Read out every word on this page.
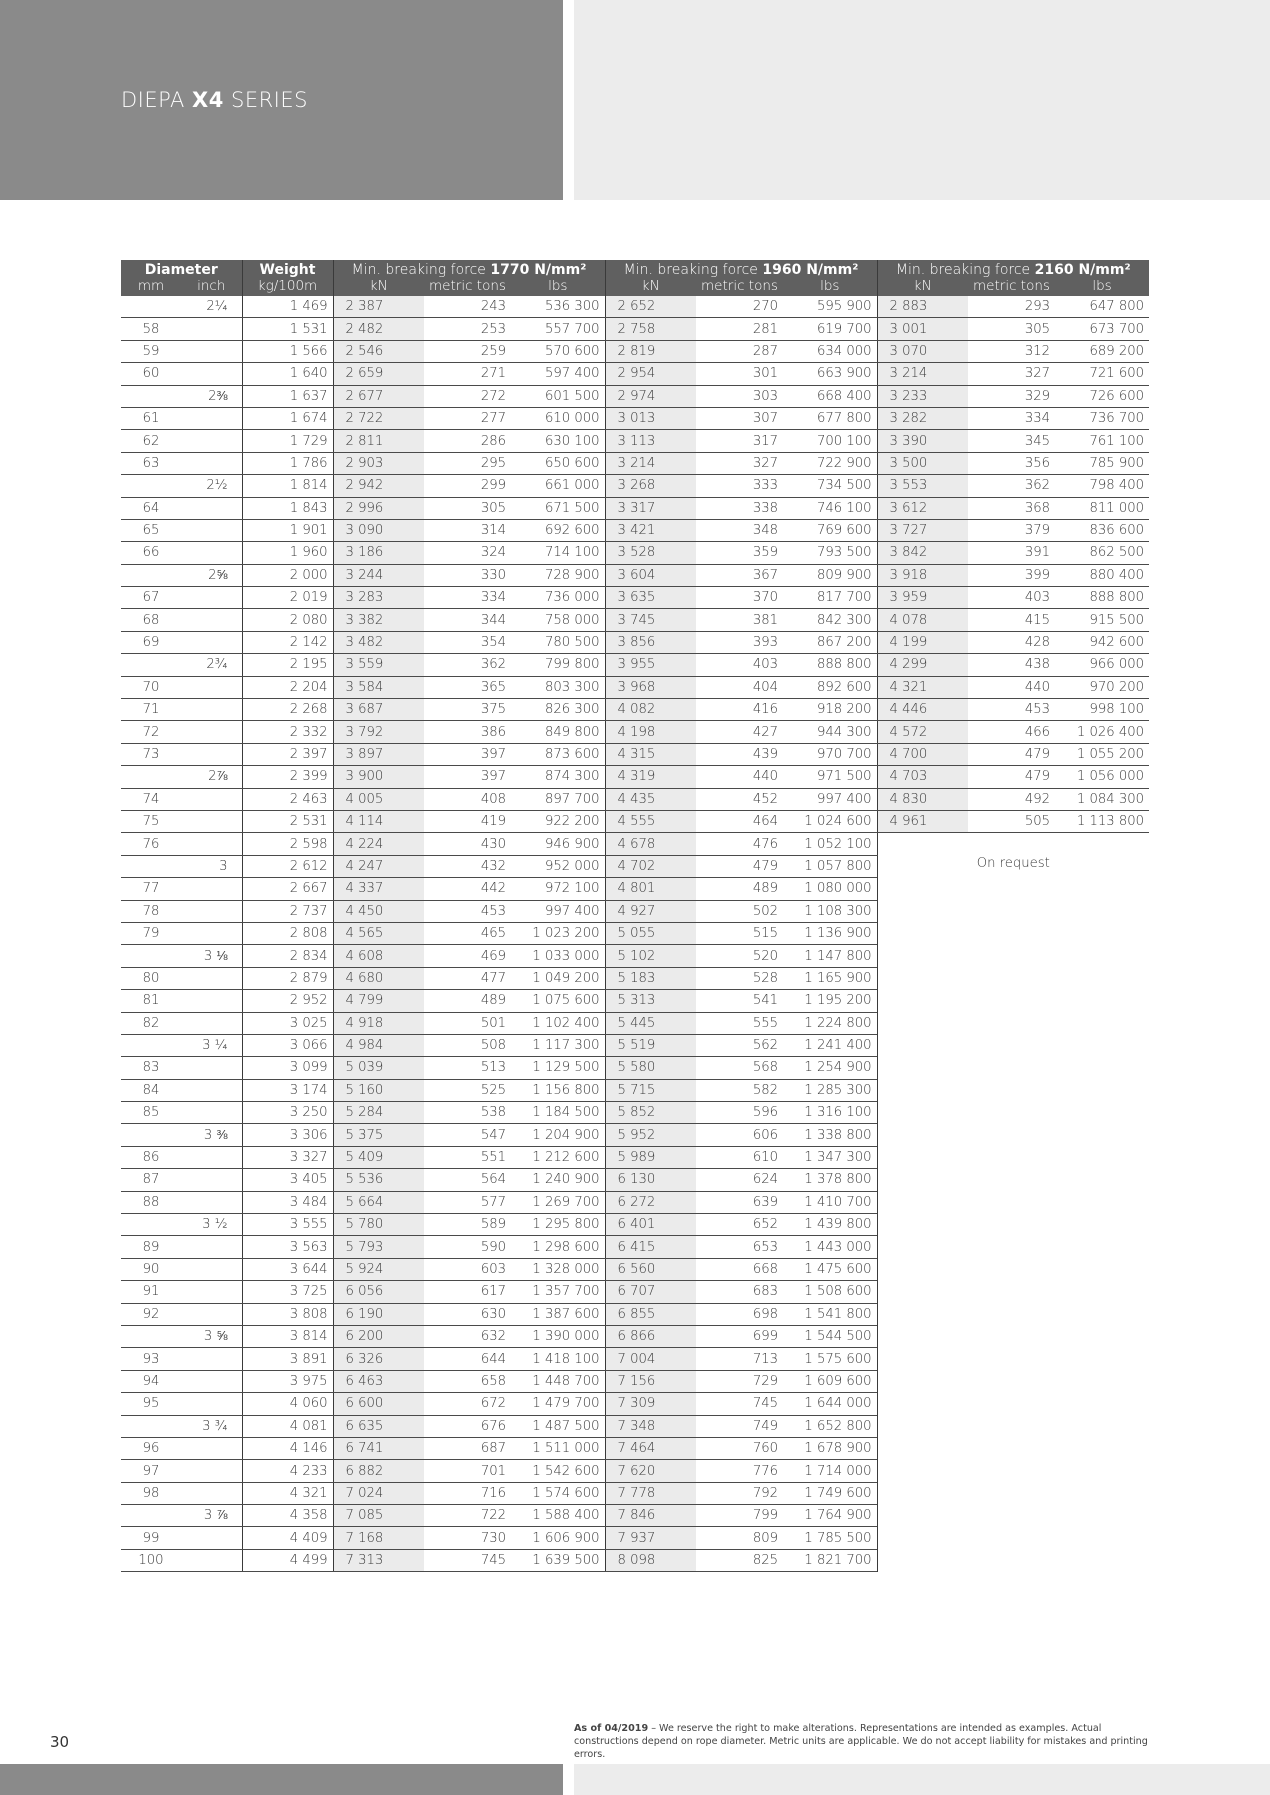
DIEPA X4 SERIES
Diameter		Weight	Min. breaking force 1770 N/mm²			Min. breaking force 1960 N/mm²			Min. breaking force 2160 N/mm²		
mm	inch	kg/100m	kN	metric tons	lbs	kN	metric tons	lbs	kN	metric tons	lbs
	2¼	1 469	2 387	243	536 300	2 652	270	595 900	2 883	293	647 800
58		1 531	2 482	253	557 700	2 758	281	619 700	3 001	305	673 700
59		1 566	2 546	259	570 600	2 819	287	634 000	3 070	312	689 200
60		1 640	2 659	271	597 400	2 954	301	663 900	3 214	327	721 600
	2⅜	1 637	2 677	272	601 500	2 974	303	668 400	3 233	329	726 600
61		1 674	2 722	277	610 000	3 013	307	677 800	3 282	334	736 700
62		1 729	2 811	286	630 100	3 113	317	700 100	3 390	345	761 100
63		1 786	2 903	295	650 600	3 214	327	722 900	3 500	356	785 900
	2½	1 814	2 942	299	661 000	3 268	333	734 500	3 553	362	798 400
64		1 843	2 996	305	671 500	3 317	338	746 100	3 612	368	811 000
65		1 901	3 090	314	692 600	3 421	348	769 600	3 727	379	836 600
66		1 960	3 186	324	714 100	3 528	359	793 500	3 842	391	862 500
	2⅝	2 000	3 244	330	728 900	3 604	367	809 900	3 918	399	880 400
67		2 019	3 283	334	736 000	3 635	370	817 700	3 959	403	888 800
68		2 080	3 382	344	758 000	3 745	381	842 300	4 078	415	915 500
69		2 142	3 482	354	780 500	3 856	393	867 200	4 199	428	942 600
	2¾	2 195	3 559	362	799 800	3 955	403	888 800	4 299	438	966 000
70		2 204	3 584	365	803 300	3 968	404	892 600	4 321	440	970 200
71		2 268	3 687	375	826 300	4 082	416	918 200	4 446	453	998 100
72		2 332	3 792	386	849 800	4 198	427	944 300	4 572	466	1 026 400
73		2 397	3 897	397	873 600	4 315	439	970 700	4 700	479	1 055 200
	2⅞	2 399	3 900	397	874 300	4 319	440	971 500	4 703	479	1 056 000
74		2 463	4 005	408	897 700	4 435	452	997 400	4 830	492	1 084 300
75		2 531	4 114	419	922 200	4 555	464	1 024 600	4 961	505	1 113 800
76		2 598	4 224	430	946 900	4 678	476	1 052 100	On request		
	3	2 612	4 247	432	952 000	4 702	479	1 057 800			
77		2 667	4 337	442	972 100	4 801	489	1 080 000			
78		2 737	4 450	453	997 400	4 927	502	1 108 300			
79		2 808	4 565	465	1 023 200	5 055	515	1 136 900			
	3 ⅛	2 834	4 608	469	1 033 000	5 102	520	1 147 800			
80		2 879	4 680	477	1 049 200	5 183	528	1 165 900			
81		2 952	4 799	489	1 075 600	5 313	541	1 195 200			
82		3 025	4 918	501	1 102 400	5 445	555	1 224 800			
	3 ¼	3 066	4 984	508	1 117 300	5 519	562	1 241 400			
83		3 099	5 039	513	1 129 500	5 580	568	1 254 900			
84		3 174	5 160	525	1 156 800	5 715	582	1 285 300			
85		3 250	5 284	538	1 184 500	5 852	596	1 316 100			
	3 ⅜	3 306	5 375	547	1 204 900	5 952	606	1 338 800			
86		3 327	5 409	551	1 212 600	5 989	610	1 347 300			
87		3 405	5 536	564	1 240 900	6 130	624	1 378 800			
88		3 484	5 664	577	1 269 700	6 272	639	1 410 700			
	3 ½	3 555	5 780	589	1 295 800	6 401	652	1 439 800			
89		3 563	5 793	590	1 298 600	6 415	653	1 443 000			
90		3 644	5 924	603	1 328 000	6 560	668	1 475 600			
91		3 725	6 056	617	1 357 700	6 707	683	1 508 600			
92		3 808	6 190	630	1 387 600	6 855	698	1 541 800			
	3 ⅝	3 814	6 200	632	1 390 000	6 866	699	1 544 500			
93		3 891	6 326	644	1 418 100	7 004	713	1 575 600			
94		3 975	6 463	658	1 448 700	7 156	729	1 609 600			
95		4 060	6 600	672	1 479 700	7 309	745	1 644 000			
	3 ¾	4 081	6 635	676	1 487 500	7 348	749	1 652 800			
96		4 146	6 741	687	1 511 000	7 464	760	1 678 900			
97		4 233	6 882	701	1 542 600	7 620	776	1 714 000			
98		4 321	7 024	716	1 574 600	7 778	792	1 749 600			
	3 ⅞	4 358	7 085	722	1 588 400	7 846	799	1 764 900			
99		4 409	7 168	730	1 606 900	7 937	809	1 785 500			
100		4 499	7 313	745	1 639 500	8 098	825	1 821 700			
30
As of 04/2019 – We reserve the right to make alterations. Representations are intended as examples. Actual constructions depend on rope diameter. Metric units are applicable. We do not accept liability for mistakes and printing errors.
